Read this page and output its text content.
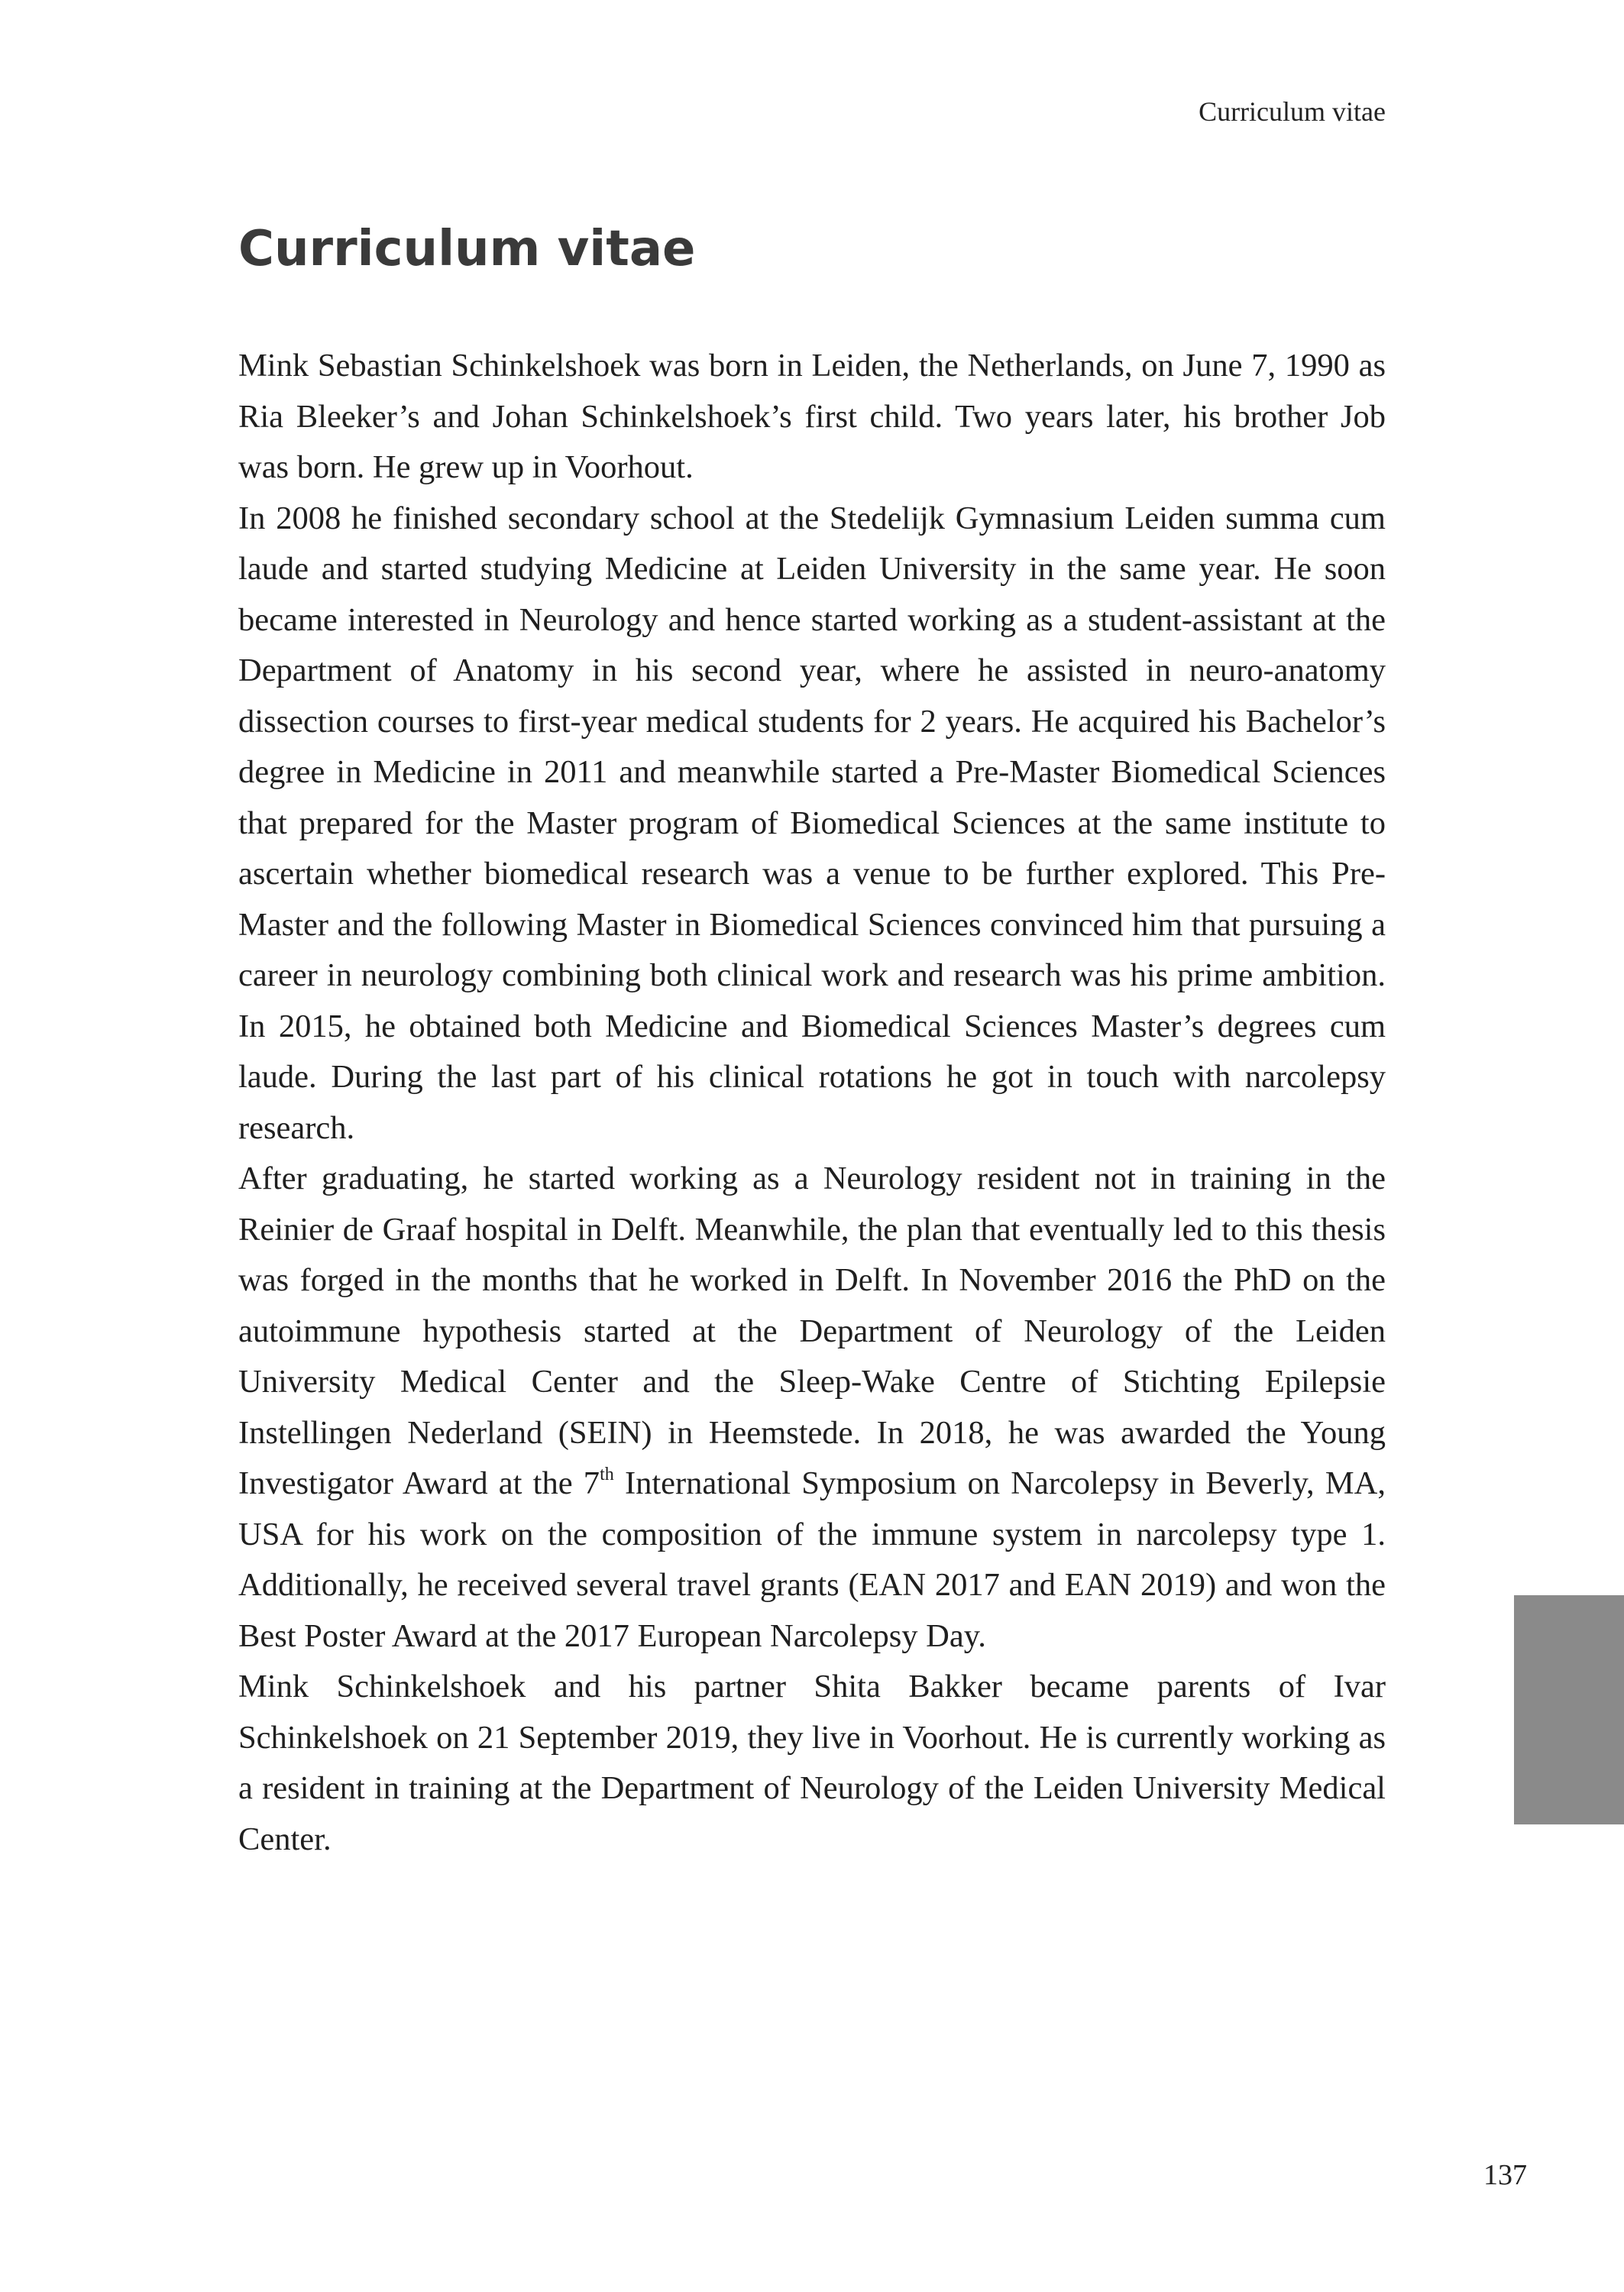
Curriculum vitae
Curriculum vitae

Mink Sebastian Schinkelshoek was born in Leiden, the Netherlands, on June 7, 1990 as Ria Bleeker’s and Johan Schinkelshoek’s first child. Two years later, his brother Job was born. He grew up in Voorhout.

In 2008 he finished secondary school at the Stedelijk Gymnasium Leiden summa cum laude and started studying Medicine at Leiden University in the same year. He soon became interested in Neurology and hence started working as a student-assistant at the Department of Anatomy in his second year, where he assisted in neuro-anatomy dissection courses to first-year medical students for 2 years. He acquired his Bachelor’s degree in Medicine in 2011 and meanwhile started a Pre-Master Biomedical Sciences that prepared for the Master program of Biomedical Sciences at the same institute to ascertain whether biomedical research was a venue to be further explored. This Pre-Master and the following Master in Biomedical Sciences convinced him that pursuing a career in neurology combining both clinical work and research was his prime ambition. In 2015, he obtained both Medicine and Biomedical Sciences Master’s degrees cum laude. During the last part of his clinical rotations he got in touch with narcolepsy research.

After graduating, he started working as a Neurology resident not in training in the Reinier de Graaf hospital in Delft. Meanwhile, the plan that eventually led to this thesis was forged in the months that he worked in Delft. In November 2016 the PhD on the autoimmune hypothesis started at the Department of Neurology of the Leiden University Medical Center and the Sleep-Wake Centre of Stichting Epilepsie Instellingen Nederland (SEIN) in Heemstede. In 2018, he was awarded the Young Investigator Award at the 7th International Symposium on Narcolepsy in Beverly, MA, USA for his work on the composition of the immune system in narcolepsy type 1. Additionally, he received several travel grants (EAN 2017 and EAN 2019) and won the Best Poster Award at the 2017 European Narcolepsy Day.

Mink Schinkelshoek and his partner Shita Bakker became parents of Ivar Schinkelshoek on 21 September 2019, they live in Voorhout. He is currently working as a resident in training at the Department of Neurology of the Leiden University Medical Center.

137
